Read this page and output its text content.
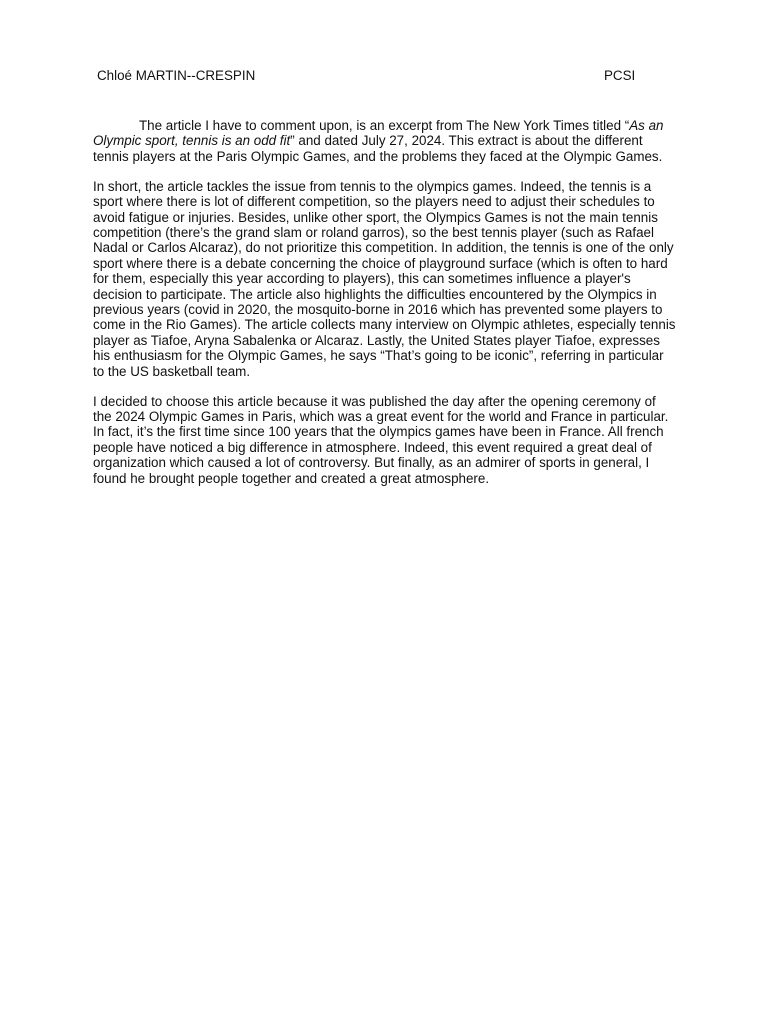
Chloé MARTIN--CRESPIN	PCSI

The article I have to comment upon, is an excerpt from The New York Times titled “As an Olympic sport, tennis is an odd fit” and dated July 27, 2024. This extract is about the different tennis players at the Paris Olympic Games, and the problems they faced at the Olympic Games.

In short, the article tackles the issue from tennis to the olympics games. Indeed, the tennis is a sport where there is lot of different competition, so the players need to adjust their schedules to avoid fatigue or injuries. Besides, unlike other sport, the Olympics Games is not the main tennis competition (there’s the grand slam or roland garros), so the best tennis player (such as Rafael Nadal or Carlos Alcaraz), do not prioritize this competition. In addition, the tennis is one of the only sport where there is a debate concerning the choice of playground surface (which is often to hard for them, especially this year according to players), this can sometimes influence a player's decision to participate. The article also highlights the difficulties encountered by the Olympics in previous years (covid in 2020, the mosquito-borne in 2016 which has prevented some players to come in the Rio Games). The article collects many interview on Olympic athletes, especially tennis player as Tiafoe, Aryna Sabalenka or Alcaraz. Lastly, the United States player Tiafoe, expresses his enthusiasm for the Olympic Games, he says “That’s going to be iconic”, referring in particular to the US basketball team.

I decided to choose this article because it was published the day after the opening ceremony of the 2024 Olympic Games in Paris, which was a great event for the world and France in particular. In fact, it’s the first time since 100 years that the olympics games have been in France. All french people have noticed a big difference in atmosphere. Indeed, this event required a great deal of organization which caused a lot of controversy. But finally, as an admirer of sports in general, I found he brought people together and created a great atmosphere.
